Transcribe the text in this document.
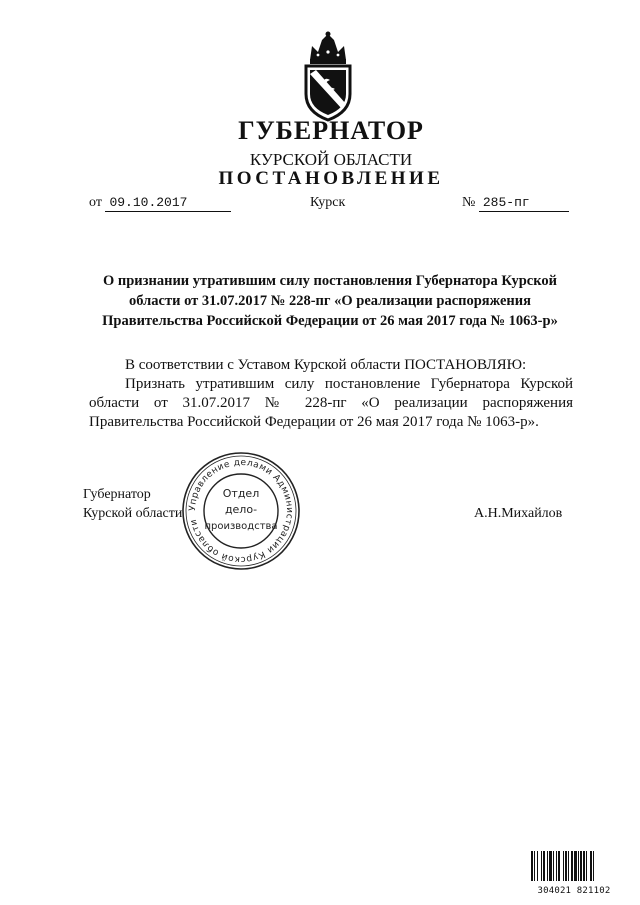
ГУБЕРНАТОР
КУРСКОЙ ОБЛАСТИ
ПОСТАНОВЛЕНИЕ
от 09.10.2017	Курск	№ 285-пг
О признании утратившим силу постановления Губернатора Курской
области от 31.07.2017 № 228-пг «О реализации распоряжения
Правительства Российской Федерации от 26 мая 2017 года № 1063-р»
В соответствии с Уставом Курской области ПОСТАНОВЛЯЮ:
Признать утратившим силу постановление Губернатора Курской
области от 31.07.2017 № 228-пг «О реализации распоряжения
Правительства Российской Федерации от 26 мая 2017 года № 1063-р».
Губернатор
Курской области	А.Н.Михайлов
Управление делами Администрации Курской области
Отдел
дело-
производства
304021 821102
